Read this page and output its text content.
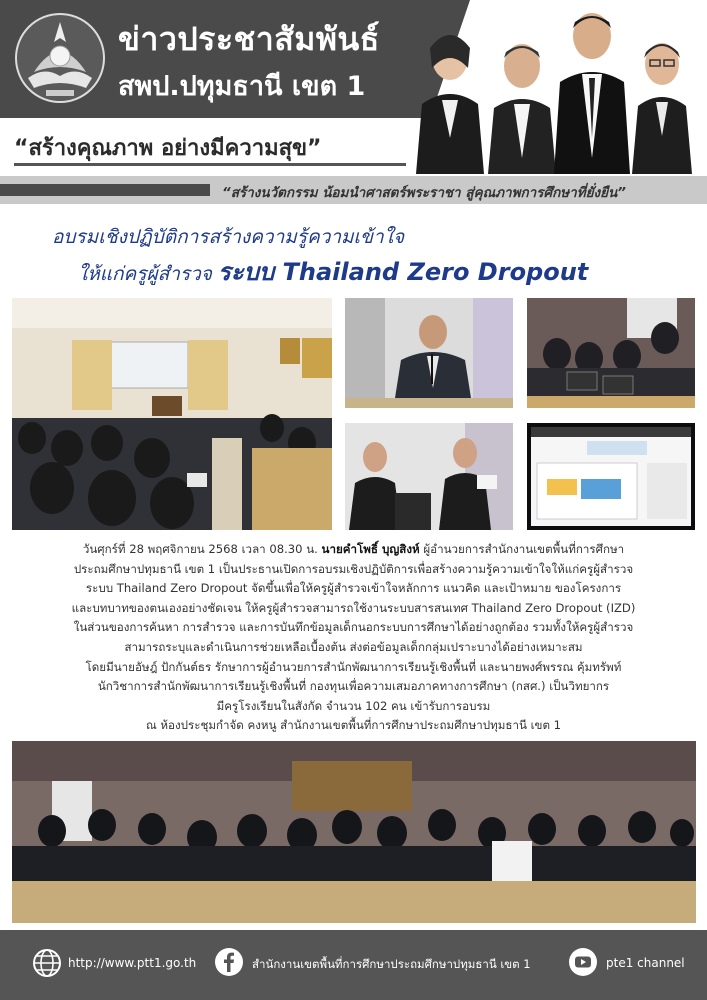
ข่าวประชาสัมพันธ์
สพป.ปทุมธานี เขต 1
“สร้างคุณภาพ อย่างมีความสุข”
“สร้างนวัตกรรม น้อมนำศาสตร์พระราชา สู่คุณภาพการศึกษาที่ยั่งยืน”
อบรมเชิงปฏิบัติการสร้างความรู้ความเข้าใจ
ให้แก่ครูผู้สำรวจ ระบบ Thailand Zero Dropout
วันศุกร์ที่ 28 พฤศจิกายน 2568 เวลา 08.30 น. นายคำโพธิ์ บุญสิงห์ ผู้อำนวยการสำนักงานเขตพื้นที่การศึกษา
ประถมศึกษาปทุมธานี เขต 1 เป็นประธานเปิดการอบรมเชิงปฏิบัติการเพื่อสร้างความรู้ความเข้าใจให้แก่ครูผู้สำรวจ
ระบบ Thailand Zero Dropout จัดขึ้นเพื่อให้ครูผู้สำรวจเข้าใจหลักการ แนวคิด และเป้าหมาย ของโครงการ
และบทบาทของตนเองอย่างชัดเจน ให้ครูผู้สำรวจสามารถใช้งานระบบสารสนเทศ Thailand Zero Dropout (IZD)
ในส่วนของการค้นหา การสำรวจ และการบันทึกข้อมูลเด็กนอกระบบการศึกษาได้อย่างถูกต้อง รวมทั้งให้ครูผู้สำรวจ
สามารถระบุและดำเนินการช่วยเหลือเบื้องต้น ส่งต่อข้อมูลเด็กกลุ่มเปราะบางได้อย่างเหมาะสม
โดยมีนายอัษฎ์ ปักกันต์ธร รักษาการผู้อำนวยการสำนักพัฒนาการเรียนรู้เชิงพื้นที่ และนายพงศ์พรรณ คุ้มทรัพท์
นักวิชาการสำนักพัฒนาการเรียนรู้เชิงพื้นที่ กองทุนเพื่อความเสมอภาคทางการศึกษา (กสศ.) เป็นวิทยากร
มีครูโรงเรียนในสังกัด จำนวน 102 คน เข้ารับการอบรม
ณ ห้องประชุมกำจัด คงหนู สำนักงานเขตพื้นที่การศึกษาประถมศึกษาปทุมธานี เขต 1
http://www.ptt1.go.th	สำนักงานเขตพื้นที่การศึกษาประถมศึกษาปทุมธานี เขต 1	pte1 channel
